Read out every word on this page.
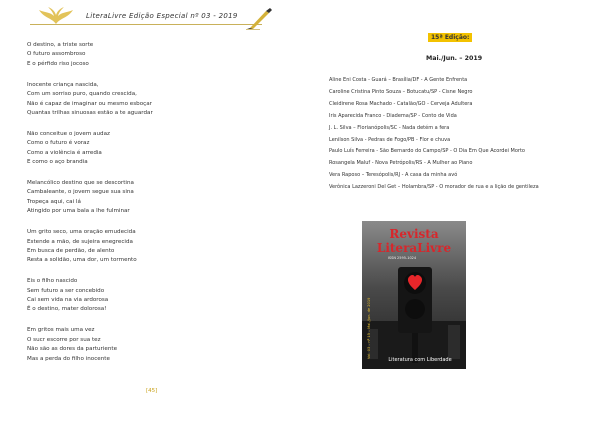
LiteraLivre Edição Especial nº 03 - 2019
O destino, a triste sorte
O futuro assombroso
E o pérfido riso jocoso
Inocente criança nascida,
Com um sorriso puro, quando crescida,
Não é capaz de imaginar ou mesmo esboçar
Quantas trilhas sinuosas estão a te aguardar
Não conceitue o jovem audaz
Como o futuro é voraz
Como a violência é arredia
E como o aço brandia
Melancólico destino que se descortina
Cambaleante, o jovem segue sua sina
Tropeça aqui, cai lá
Atingido por uma bala a lhe fulminar
Um grito seco, uma oração emudecida
Estende a mão, de sujeira enegrecida
Em busca de perdão, de alento
Resta a solidão, uma dor, um tormento
Eis o filho nascido
Sem futuro a ser concebido
Cai sem vida na via ardorosa
É o destino, mater dolorosa!
Em gritos mais uma vez
O sucr escorre por sua tez
Não são as dores da parturiente
Mas a perda do filho inocente
[45]
15ª Edição:
Mai./Jun. – 2019
Aline Eni Costa - Guará – Brasília/DF - A Gente Enfrenta
Caroline Cristina Pinto Souza – Botucatu/SP - Cisne Negro
Cleidirene Rosa Machado - Catalão/GO - Cerveja Adultera
Iris Aparecida Franco - Diadema/SP - Conto de Vida
J. L. Silva – Florianópolis/SC - Nada detém a fera
Lenilson Silva - Pedras de Fogo/PB - Flor e chuva
Paulo Luís Ferreira - São Bernardo do Campo/SP - O Dia Em Que Acordei Morto
Rosangela Maluf - Nova Petrópolis/RS - A Mulher ao Piano
Vera Raposo – Teresópolis/RJ - A casa da minha avó
Verônica Lazzeroni Del Get – Holambra/SP - O morador de rua e a lição de gentileza
Revista
LiteraLivre
ISSN 2595-1024
Vol. 03 – nº 15 – Mai./Jun. de 2019
Literatura com Liberdade
